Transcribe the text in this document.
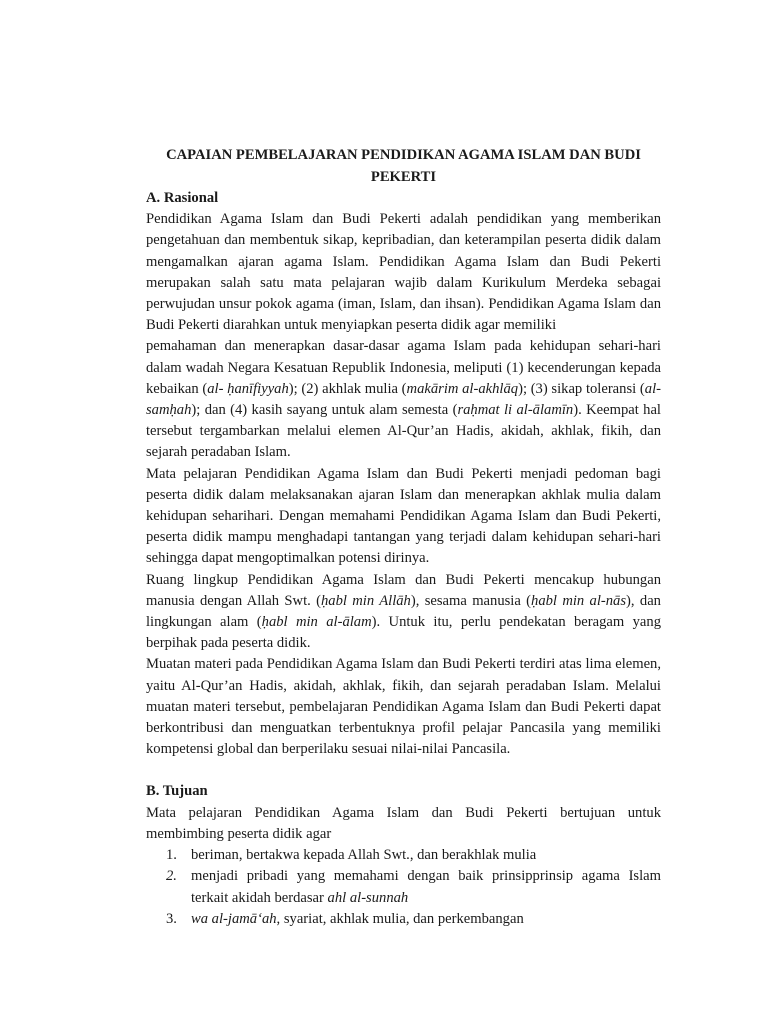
CAPAIAN PEMBELAJARAN PENDIDIKAN AGAMA ISLAM DAN BUDI
PEKERTI
A. Rasional

Pendidikan Agama Islam dan Budi Pekerti adalah pendidikan yang memberikan pengetahuan dan membentuk sikap, kepribadian, dan keterampilan peserta didik dalam mengamalkan ajaran agama Islam. Pendidikan Agama Islam dan Budi Pekerti merupakan salah satu mata pelajaran wajib dalam Kurikulum Merdeka sebagai perwujudan unsur pokok agama (iman, Islam, dan ihsan). Pendidikan Agama Islam dan Budi Pekerti diarahkan untuk menyiapkan peserta didik agar memiliki

pemahaman dan menerapkan dasar-dasar agama Islam pada kehidupan sehari-hari dalam wadah Negara Kesatuan Republik Indonesia, meliputi (1) kecenderungan kepada kebaikan (al- ḥanīfiyyah); (2) akhlak mulia (makārim al-akhlāq); (3) sikap toleransi (al-samḥah); dan (4) kasih sayang untuk alam semesta (raḥmat li al-ālamīn). Keempat hal tersebut tergambarkan melalui elemen Al-Qur’an Hadis, akidah, akhlak, fikih, dan sejarah peradaban Islam.

Mata pelajaran Pendidikan Agama Islam dan Budi Pekerti menjadi pedoman bagi peserta didik dalam melaksanakan ajaran Islam dan menerapkan akhlak mulia dalam kehidupan seharihari. Dengan memahami Pendidikan Agama Islam dan Budi Pekerti, peserta didik mampu menghadapi tantangan yang terjadi dalam kehidupan sehari-hari sehingga dapat mengoptimalkan potensi dirinya.

Ruang lingkup Pendidikan Agama Islam dan Budi Pekerti mencakup hubungan manusia dengan Allah Swt. (ḥabl min Allāh), sesama manusia (ḥabl min al-nās), dan lingkungan alam (ḥabl min al-ālam). Untuk itu, perlu pendekatan beragam yang berpihak pada peserta didik.

Muatan materi pada Pendidikan Agama Islam dan Budi Pekerti terdiri atas lima elemen, yaitu Al-Qur’an Hadis, akidah, akhlak, fikih, dan sejarah peradaban Islam. Melalui muatan materi tersebut, pembelajaran Pendidikan Agama Islam dan Budi Pekerti dapat berkontribusi dan menguatkan terbentuknya profil pelajar Pancasila yang memiliki kompetensi global dan berperilaku sesuai nilai-nilai Pancasila.

B. Tujuan

Mata pelajaran Pendidikan Agama Islam dan Budi Pekerti bertujuan untuk membimbing peserta didik agar

1. beriman, bertakwa kepada Allah Swt., dan berakhlak mulia
2. menjadi pribadi yang memahami dengan baik prinsipprinsip agama Islam terkait akidah berdasar ahl al-sunnah
3. wa al-jamā‘ah, syariat, akhlak mulia, dan perkembangan
